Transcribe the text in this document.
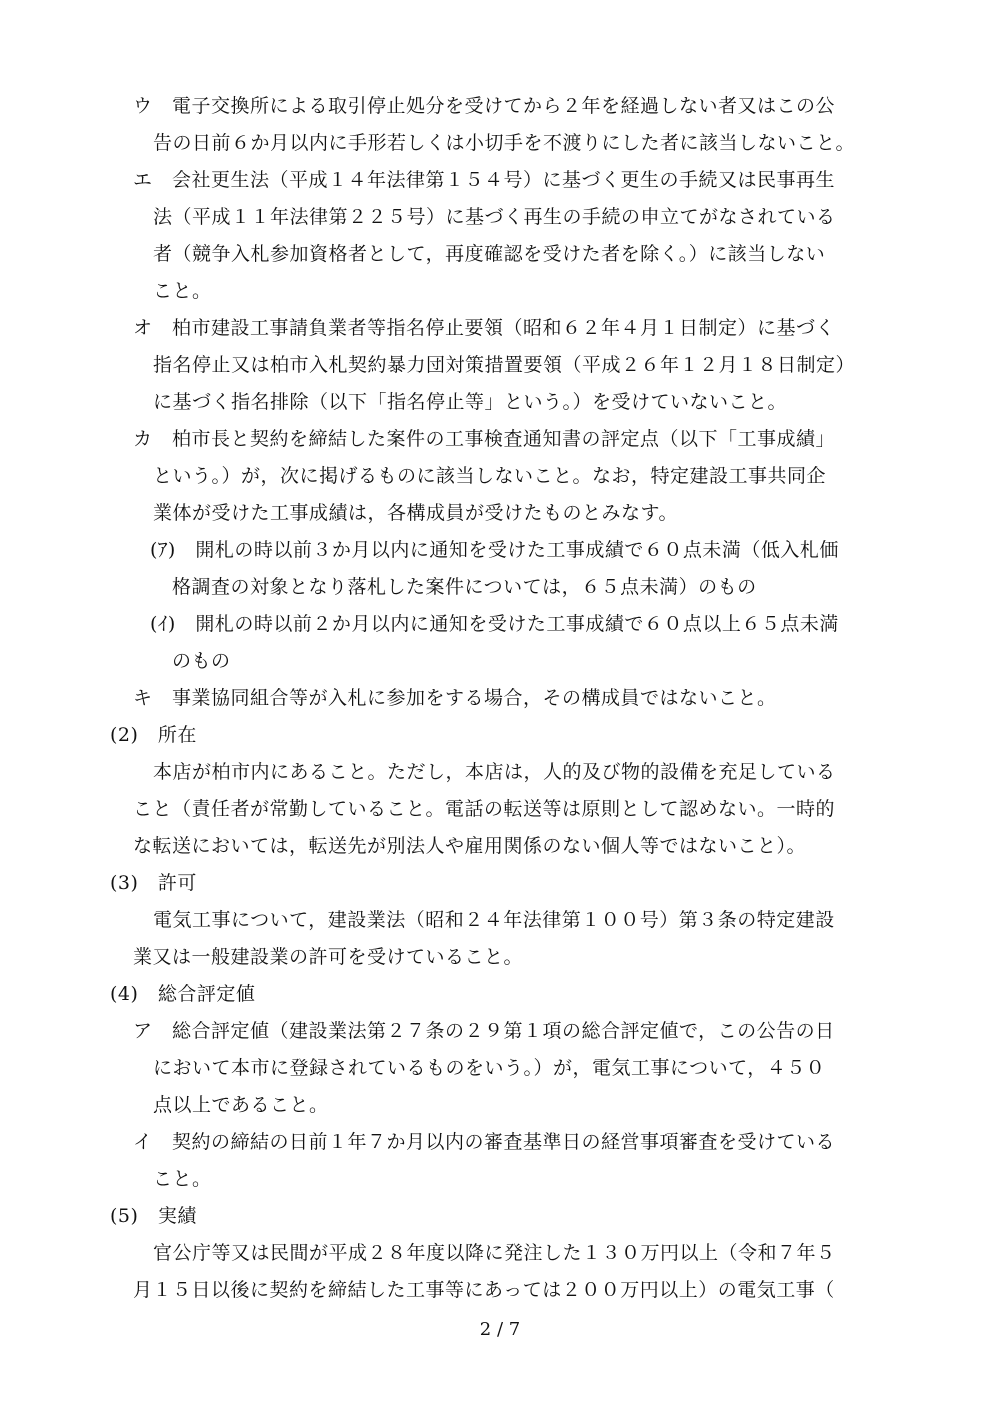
ウ　電子交換所による取引停止処分を受けてから２年を経過しない者又はこの公
告の日前６か月以内に手形若しくは小切手を不渡りにした者に該当しないこと。
エ　会社更生法（平成１４年法律第１５４号）に基づく更生の手続又は民事再生
法（平成１１年法律第２２５号）に基づく再生の手続の申立てがなされている
者（競争入札参加資格者として，再度確認を受けた者を除く。）に該当しない
こと。
オ　柏市建設工事請負業者等指名停止要領（昭和６２年４月１日制定）に基づく
指名停止又は柏市入札契約暴力団対策措置要領（平成２６年１２月１８日制定）
に基づく指名排除（以下「指名停止等」という。）を受けていないこと。
カ　柏市長と契約を締結した案件の工事検査通知書の評定点（以下「工事成績」
という。）が，次に掲げるものに該当しないこと。なお，特定建設工事共同企
業体が受けた工事成績は，各構成員が受けたものとみなす。
(ｱ)　開札の時以前３か月以内に通知を受けた工事成績で６０点未満（低入札価
格調査の対象となり落札した案件については，６５点未満）のもの
(ｲ)　開札の時以前２か月以内に通知を受けた工事成績で６０点以上６５点未満
のもの
キ　事業協同組合等が入札に参加をする場合，その構成員ではないこと。
(2)　所在
本店が柏市内にあること。ただし，本店は，人的及び物的設備を充足している
こと（責任者が常勤していること。電話の転送等は原則として認めない。一時的
な転送においては，転送先が別法人や雇用関係のない個人等ではないこと）。
(3)　許可
電気工事について，建設業法（昭和２４年法律第１００号）第３条の特定建設
業又は一般建設業の許可を受けていること。
(4)　総合評定値
ア　総合評定値（建設業法第２７条の２９第１項の総合評定値で，この公告の日
において本市に登録されているものをいう。）が，電気工事について，４５０
点以上であること。
イ　契約の締結の日前１年７か月以内の審査基準日の経営事項審査を受けている
こと。
(5)　実績
官公庁等又は民間が平成２８年度以降に発注した１３０万円以上（令和７年５
月１５日以後に契約を締結した工事等にあっては２００万円以上）の電気工事（
2 / 7
